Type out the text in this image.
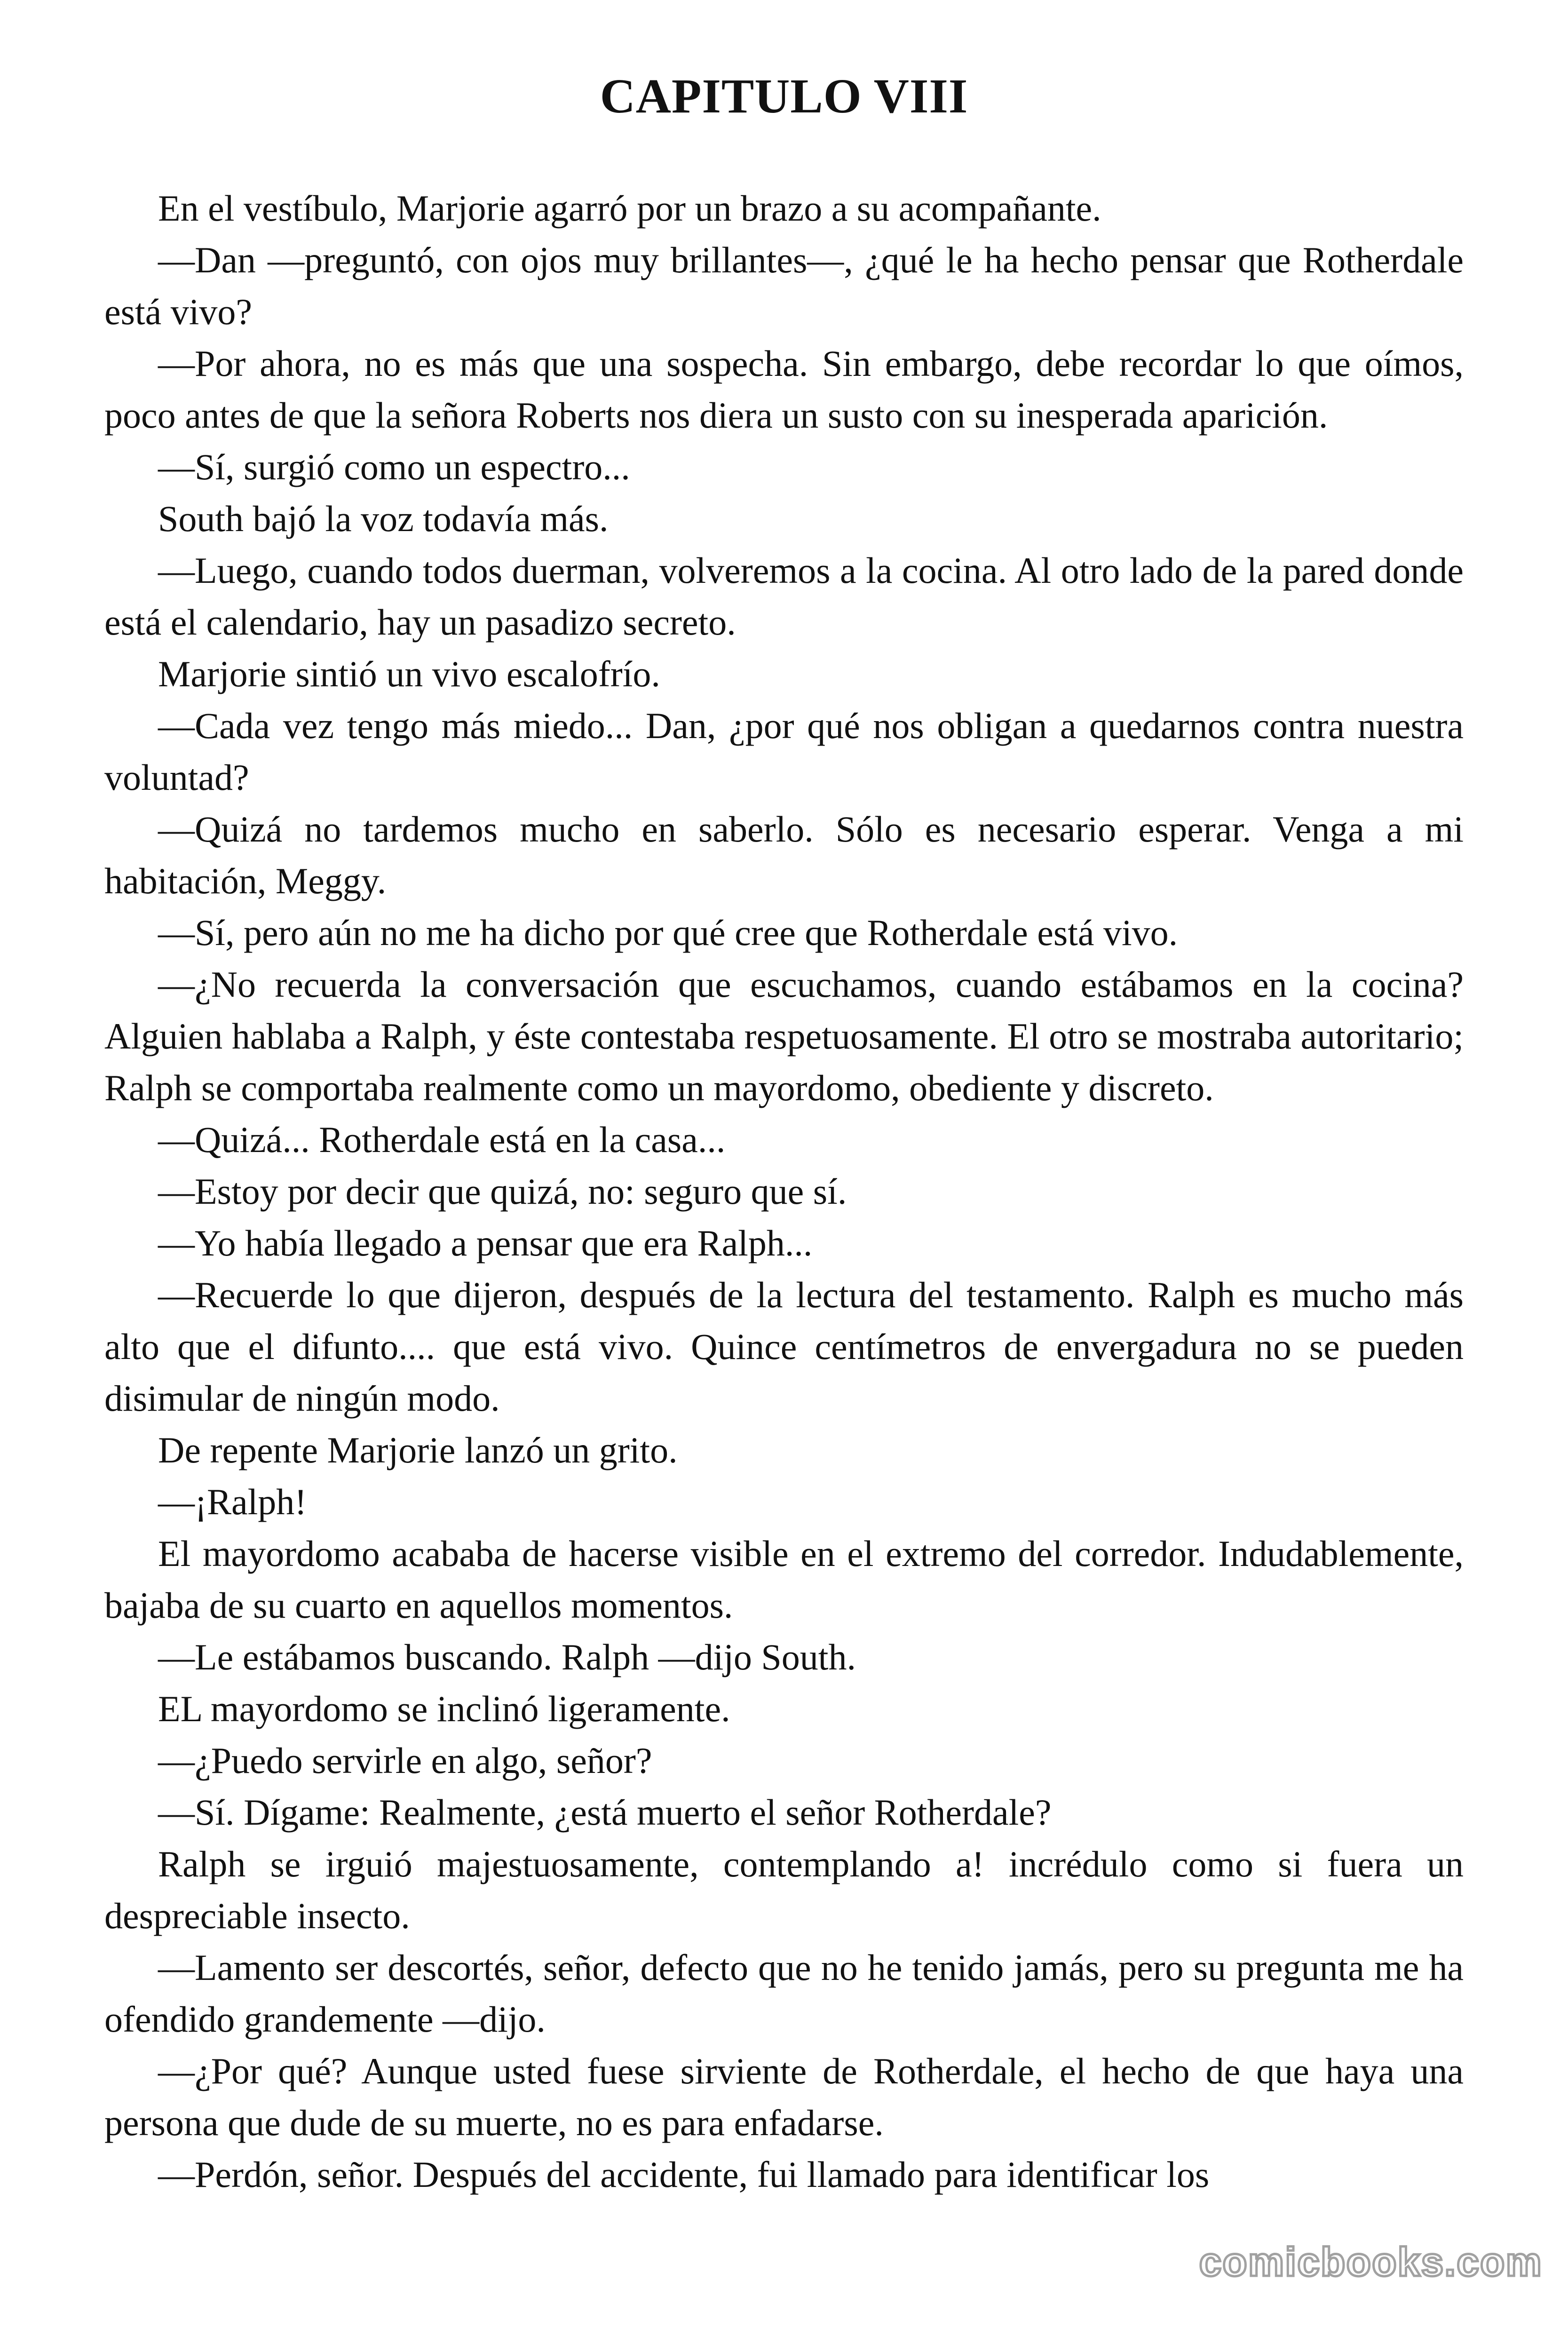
CAPITULO VIII

En el vestíbulo, Marjorie agarró por un brazo a su acompañante.

—Dan —preguntó, con ojos muy brillantes—, ¿qué le ha hecho pensar que Rotherdale está vivo?

—Por ahora, no es más que una sospecha. Sin embargo, debe recordar lo que oímos, poco antes de que la señora Roberts nos diera un susto con su inesperada aparición.

—Sí, surgió como un espectro...

South bajó la voz todavía más.

—Luego, cuando todos duerman, volveremos a la cocina. Al otro lado de la pared donde está el calendario, hay un pasadizo secreto.

Marjorie sintió un vivo escalofrío.

—Cada vez tengo más miedo... Dan, ¿por qué nos obligan a quedarnos contra nuestra voluntad?

—Quizá no tardemos mucho en saberlo. Sólo es necesario esperar. Venga a mi habitación, Meggy.

—Sí, pero aún no me ha dicho por qué cree que Rotherdale está vivo.

—¿No recuerda la conversación que escuchamos, cuando estábamos en la cocina? Alguien hablaba a Ralph, y éste contestaba respetuosamente. El otro se mostraba autoritario; Ralph se comportaba realmente como un mayordomo, obediente y discreto.

—Quizá... Rotherdale está en la casa...

—Estoy por decir que quizá, no: seguro que sí.

—Yo había llegado a pensar que era Ralph...

—Recuerde lo que dijeron, después de la lectura del testamento. Ralph es mucho más alto que el difunto.... que está vivo. Quince centímetros de envergadura no se pueden disimular de ningún modo.

De repente Marjorie lanzó un grito.

—¡Ralph!

El mayordomo acababa de hacerse visible en el extremo del corredor. Indudablemente, bajaba de su cuarto en aquellos momentos.

—Le estábamos buscando. Ralph —dijo South.

EL mayordomo se inclinó ligeramente.

—¿Puedo servirle en algo, señor?

—Sí. Dígame: Realmente, ¿está muerto el señor Rotherdale?

Ralph se irguió majestuosamente, contemplando a! incrédulo como si fuera un despreciable insecto.

—Lamento ser descortés, señor, defecto que no he tenido jamás, pero su pregunta me ha ofendido grandemente —dijo.

—¿Por qué? Aunque usted fuese sirviente de Rotherdale, el hecho de que haya una persona que dude de su muerte, no es para enfadarse.

—Perdón, señor. Después del accidente, fui llamado para identificar los

comicbooks.com
